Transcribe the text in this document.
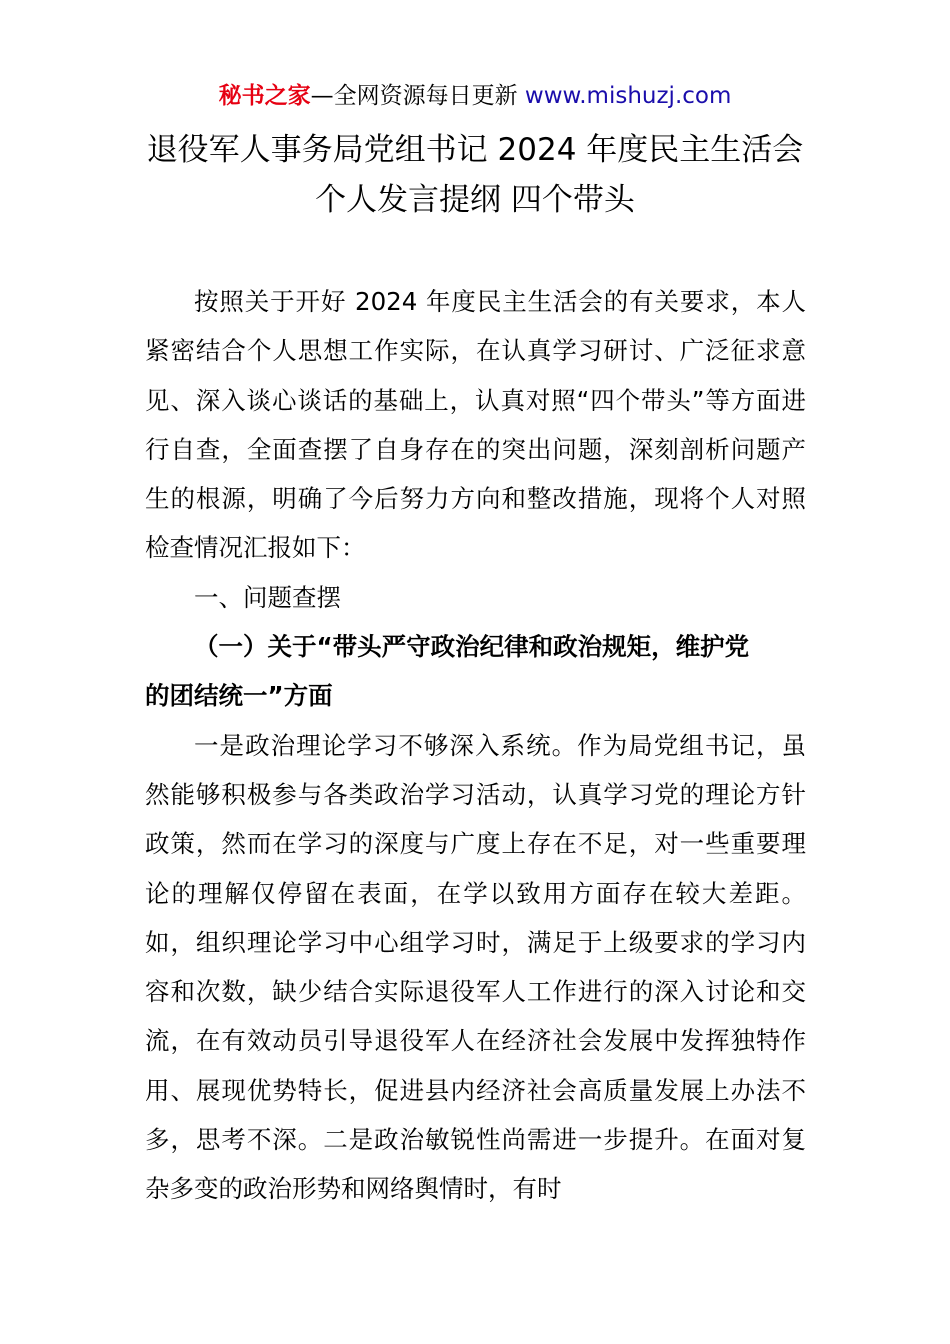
秘书之家—全网资源每日更新 www.mishuzj.com
退役军人事务局党组书记 2024 年度民主生活会
个人发言提纲 四个带头

按照关于开好 2024 年度民主生活会的有关要求，本人紧密结合个人思想工作实际，在认真学习研讨、广泛征求意见、深入谈心谈话的基础上，认真对照“四个带头”等方面进行自查，全面查摆了自身存在的突出问题，深刻剖析问题产生的根源，明确了今后努力方向和整改措施，现将个人对照检查情况汇报如下：

一、问题查摆

（一）关于“带头严守政治纪律和政治规矩，维护党

的团结统一”方面

一是政治理论学习不够深入系统。作为局党组书记，虽然能够积极参与各类政治学习活动，认真学习党的理论方针政策，然而在学习的深度与广度上存在不足，对一些重要理论的理解仅停留在表面，在学以致用方面存在较大差距。如，组织理论学习中心组学习时，满足于上级要求的学习内容和次数，缺少结合实际退役军人工作进行的深入讨论和交流，在有效动员引导退役军人在经济社会发展中发挥独特作用、展现优势特长，促进县内经济社会高质量发展上办法不多，思考不深。二是政治敏锐性尚需进一步提升。在面对复杂多变的政治形势和网络舆情时，有时
